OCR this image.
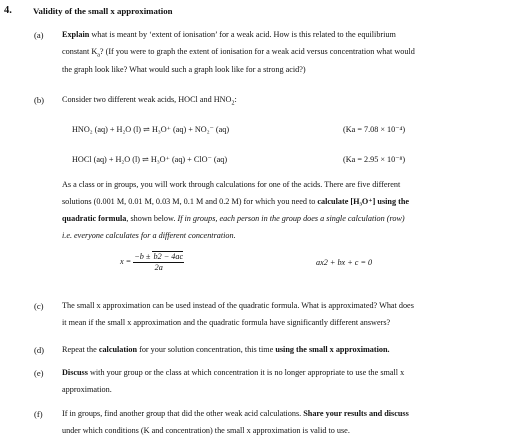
4. Validity of the small x approximation
(a) Explain what is meant by ‘extent of ionisation’ for a weak acid. How is this related to the equilibrium
constant $K_a$? (If you were to graph the extent of ionisation for a weak acid versus concentration what would
the graph look like? What would such a graph look like for a strong acid?)
(b) Consider two different weak acids, HOCl and $HNO_2$:
HNO₂ (aq) + H₂O (l) ⇌ H₃O⁺ (aq) + NO₂⁻ (aq)	(Ka = 7.08 × 10⁻⁴)
HOCl (aq) + H₂O (l) ⇌ H₃O⁺ (aq) + ClO⁻ (aq)	(Ka = 2.95 × 10⁻⁸)
As a class or in groups, you will work through calculations for one of the acids. There are five different
solutions (0.001 M, 0.01 M, 0.03 M, 0.1 M and 0.2 M) for which you need to calculate [H₃O⁺] using the
quadratic formula, shown below. If in groups, each person in the group does a single calculation (row)
i.e. everyone calculates for a different concentration.
$x = \frac{-b \pm b2 - 4ac}{2a}$	ax2 + bx + c = 0
(c) The small x approximation can be used instead of the quadratic formula. What is approximated? What does
it mean if the small x approximation and the quadratic formula have significantly different answers?
(d) Repeat the calculation for your solution concentration, this time using the small x approximation.
(e) Discuss with your group or the class at which concentration it is no longer appropriate to use the small x
approximation.
(f) If in groups, find another group that did the other weak acid calculations. Share your results and discuss
under which conditions (K and concentration) the small x approximation is valid to use.
